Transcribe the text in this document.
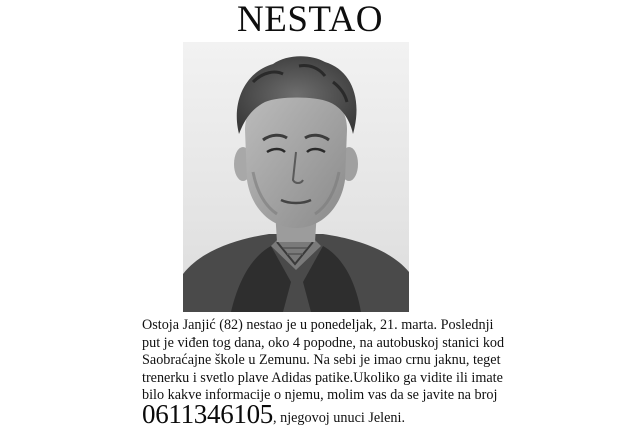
NESTAO

Ostoja Janjić (82) nestao je u ponedeljak, 21. marta. Poslednji

put je viđen tog dana, oko 4 popodne, na autobuskoj stanici kod

Saobraćajne škole u Zemunu. Na sebi je imao crnu jaknu, teget

trenerku i svetlo plave Adidas patike.Ukoliko ga vidite ili imate

bilo kakve informacije o njemu, molim vas da se javite na broj

0611346105, njegovoj unuci Jeleni.
